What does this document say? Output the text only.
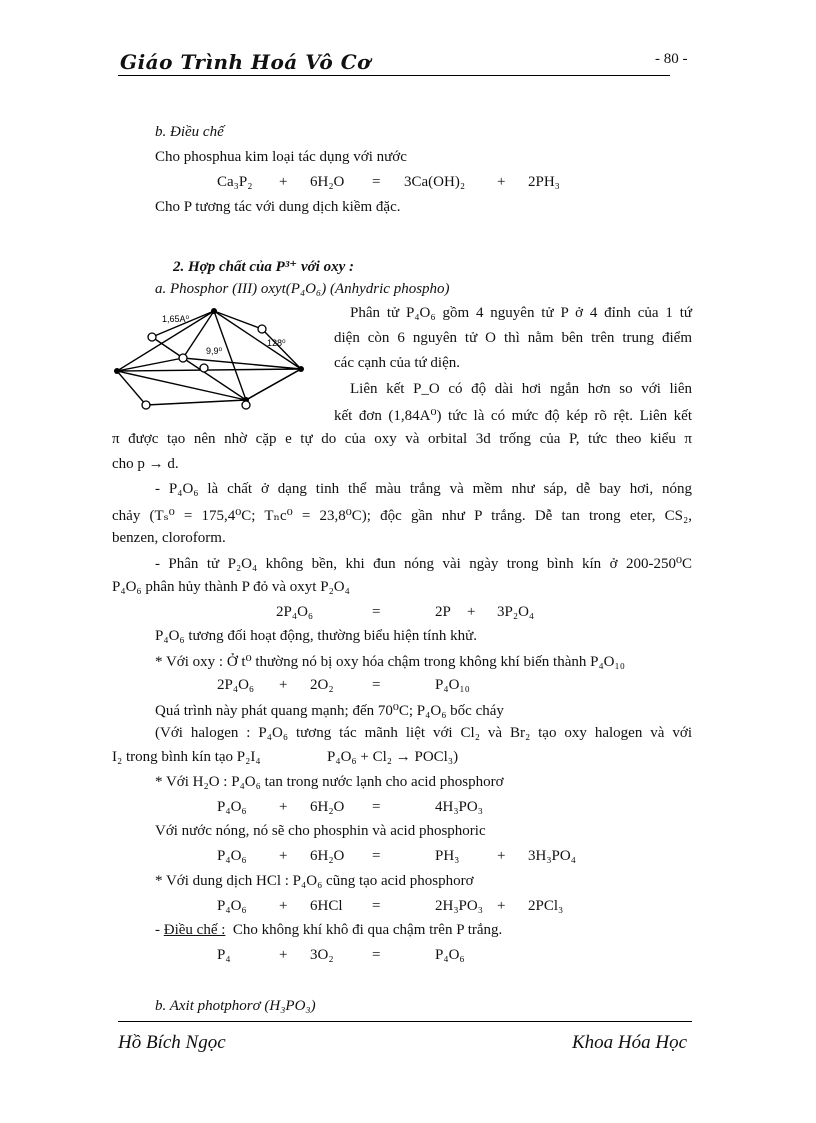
Giáo Trình Hoá Vô Cơ	- 80 -
b. Điều chế
Cho phosphua kim loại tác dụng với nước
Ca₃P₂ + 6H₂O = 3Ca(OH)₂ + 2PH₃
Cho P tương tác với dung dịch kiềm đặc.
2. Hợp chất của P³⁺ với oxy :
a. Phosphor (III) oxyt(P₄O₆) (Anhydric phospho)
1,65A⁰
128⁰
9,9⁰
Phân tử P₄O₆ gồm 4 nguyên tử P ở 4 đỉnh của 1 tứ
diện còn 6 nguyên tử O thì nằm bên trên trung điểm
các cạnh của tứ diện.
Liên kết P_O có độ dài hơi ngắn hơn so với liên
kết đơn (1,84A⁰) tức là có mức độ kép rõ rệt. Liên kết
π được tạo nên nhờ cặp e tự do của oxy và orbital 3d trống của P, tức theo kiểu π
cho p → d.
- P₄O₆ là chất ở dạng tinh thể màu trắng và mềm như sáp, dễ bay hơi, nóng
chảy (Tₛ⁰ = 175,4⁰C; Tₙc⁰ = 23,8⁰C); độc gần như P trắng. Dễ tan trong eter, CS₂,
benzen, cloroform.
- Phân tử P₂O₄ không bền, khi đun nóng vài ngày trong bình kín ở 200-250⁰C
P₄O₆ phân hủy thành P đỏ và oxyt P₂O₄
2P₄O₆	=	2P + 3P₂O₄
P₄O₆ tương đối hoạt động, thường biểu hiện tính khử.
* Với oxy : Ở t⁰ thường nó bị oxy hóa chậm trong không khí biến thành P₄O₁₀
2P₄O₆ + 2O₂	=	P₄O₁₀
Quá trình này phát quang mạnh; đến 70⁰C; P₄O₆ bốc cháy
(Với halogen : P₄O₆ tương tác mãnh liệt với Cl₂ và Br₂ tạo oxy halogen và với
I₂ trong bình kín tạo P₂I₄	P₄O₆ + Cl₂ → POCl₃)
* Với H₂O : P₄O₆ tan trong nước lạnh cho acid phosphorơ
P₄O₆ + 6H₂O =	4H₃PO₃
Với nước nóng, nó sẽ cho phosphin và acid phosphoric
P₄O₆ + 6H₂O =	PH₃	+ 3H₃PO₄
* Với dung dịch HCl : P₄O₆ cũng tạo acid phosphorơ
P₄O₆ + 6HCl =	2H₃PO₃ + 2PCl₃
- Điều chế : Cho không khí khô đi qua chậm trên P trắng.
P₄	+ 3O₂	=	P₄O₆
b. Axit photphorơ (H₃PO₃)
Hồ Bích Ngọc	Khoa Hóa Học
